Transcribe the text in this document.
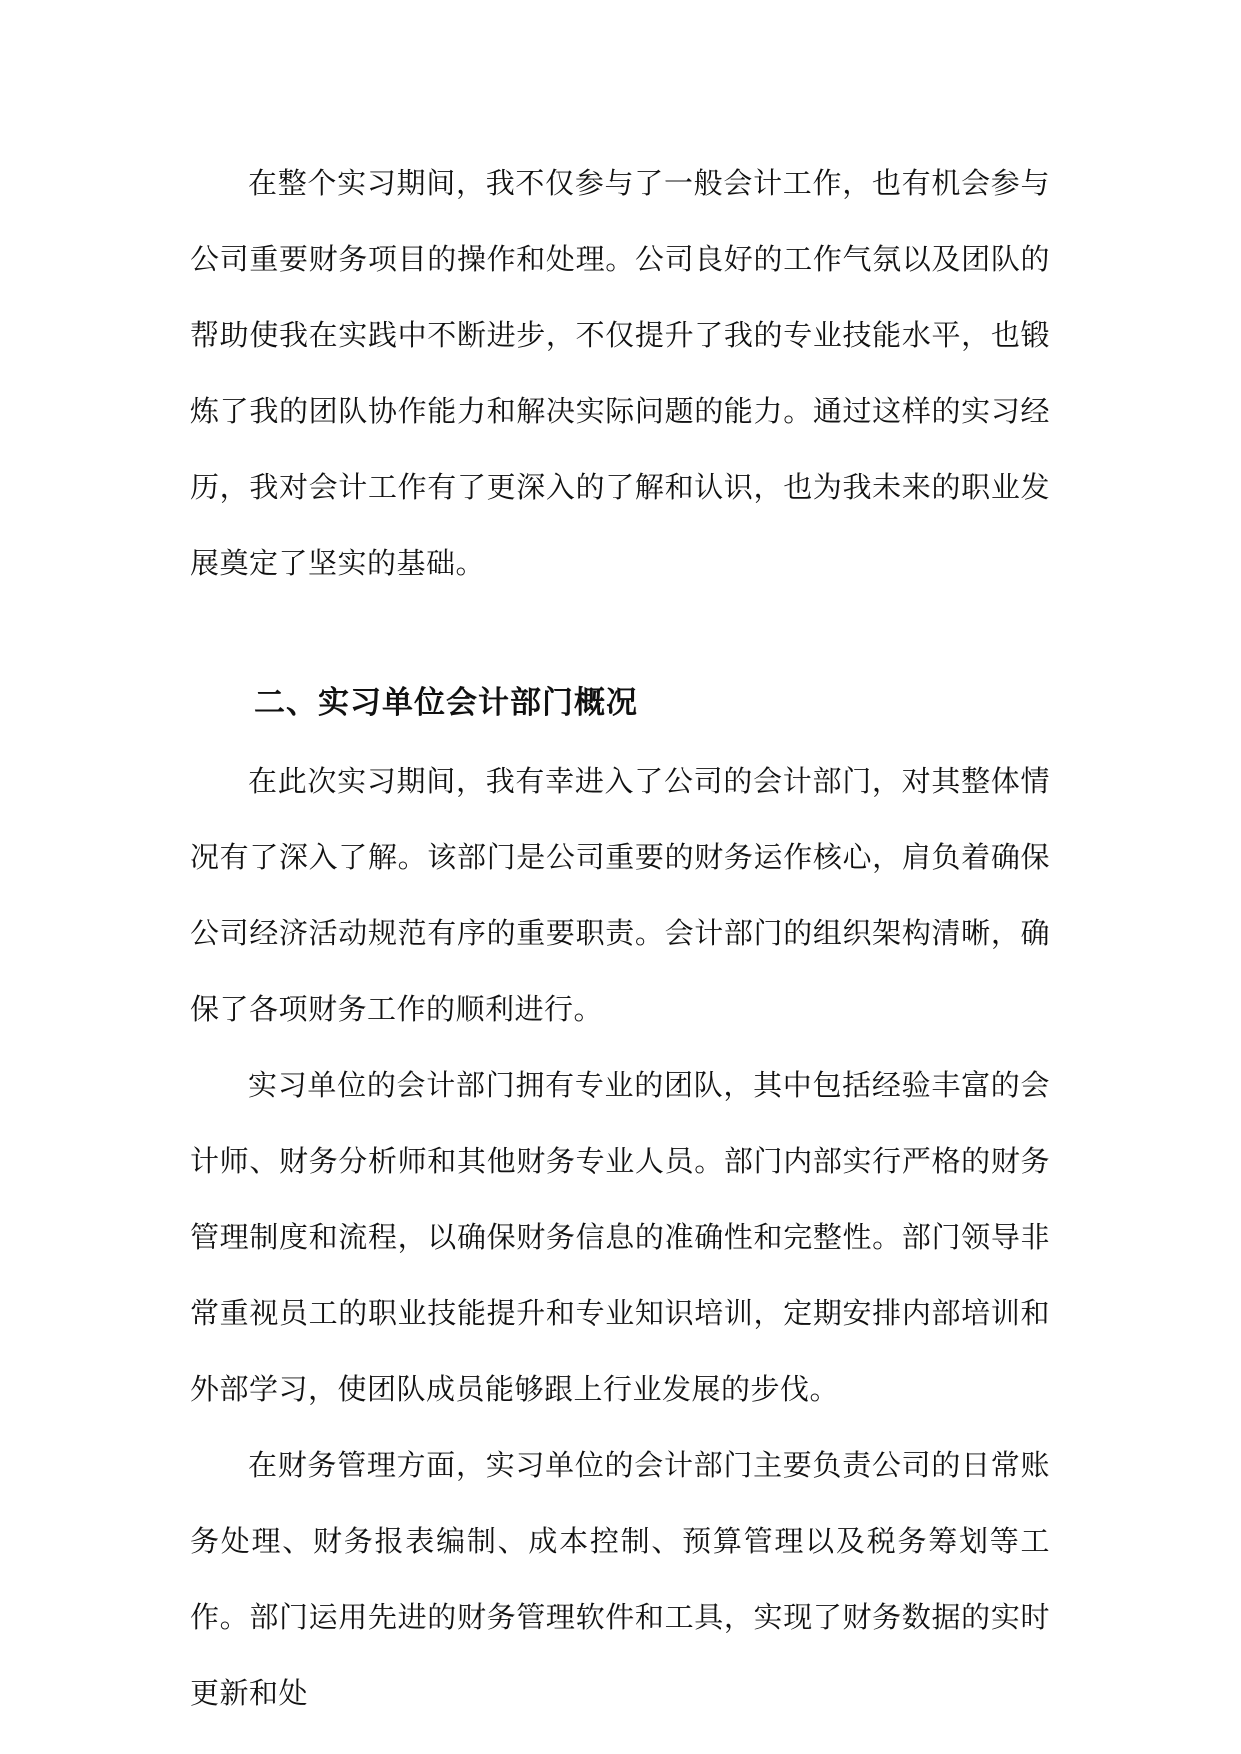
在整个实习期间，我不仅参与了一般会计工作，也有机会参与公司重要财务项目的操作和处理。公司良好的工作气氛以及团队的帮助使我在实践中不断进步，不仅提升了我的专业技能水平，也锻炼了我的团队协作能力和解决实际问题的能力。通过这样的实习经历，我对会计工作有了更深入的了解和认识，也为我未来的职业发展奠定了坚实的基础。

二、实习单位会计部门概况

在此次实习期间，我有幸进入了公司的会计部门，对其整体情况有了深入了解。该部门是公司重要的财务运作核心，肩负着确保公司经济活动规范有序的重要职责。会计部门的组织架构清晰，确保了各项财务工作的顺利进行。

实习单位的会计部门拥有专业的团队，其中包括经验丰富的会计师、财务分析师和其他财务专业人员。部门内部实行严格的财务管理制度和流程，以确保财务信息的准确性和完整性。部门领导非常重视员工的职业技能提升和专业知识培训，定期安排内部培训和外部学习，使团队成员能够跟上行业发展的步伐。

在财务管理方面，实习单位的会计部门主要负责公司的日常账务处理、财务报表编制、成本控制、预算管理以及税务筹划等工作。部门运用先进的财务管理软件和工具，实现了财务数据的实时更新和处
